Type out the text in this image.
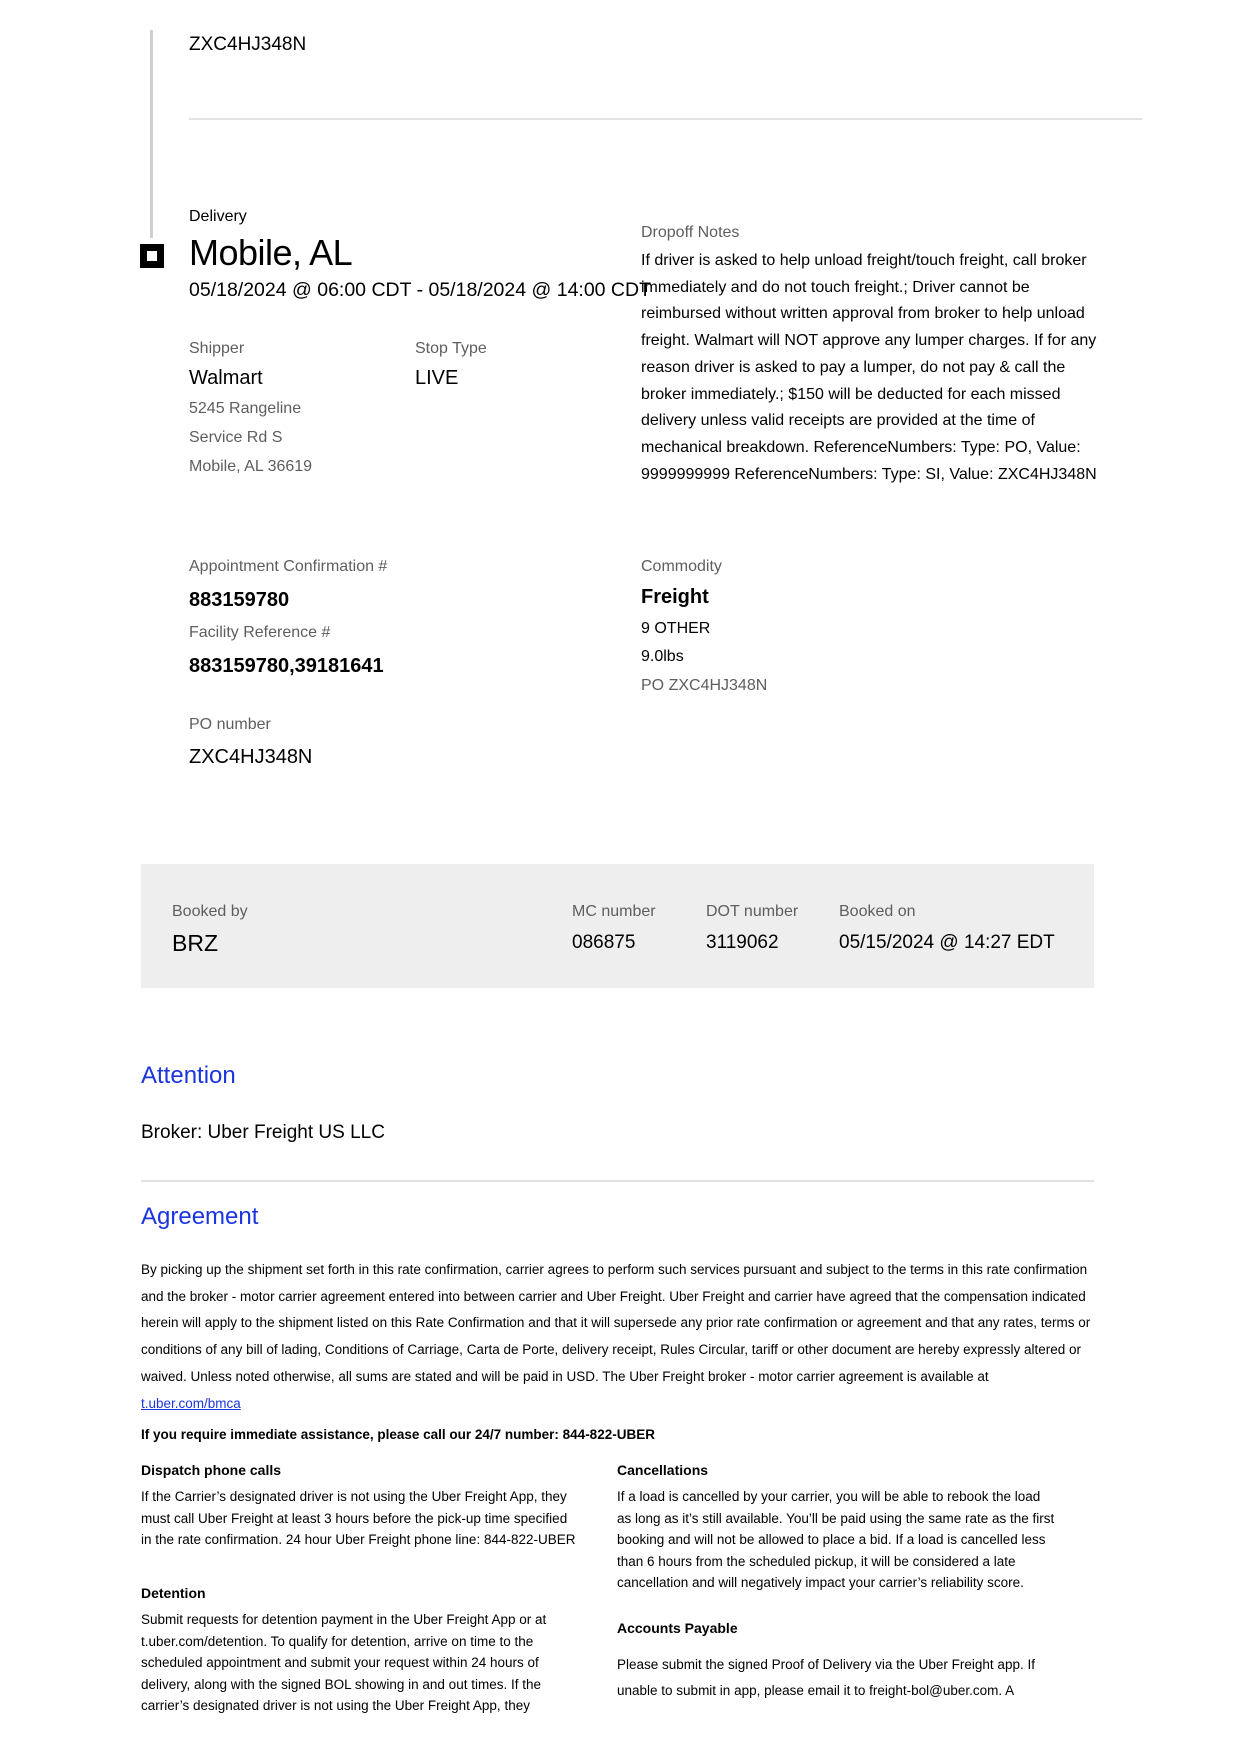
ZXC4HJ348N
Delivery
Mobile, AL
05/18/2024 @ 06:00 CDT - 05/18/2024 @ 14:00 CDT
Shipper
Walmart
5245 Rangeline
Service Rd S
Mobile, AL 36619
Stop Type
LIVE
Dropoff Notes
If driver is asked to help unload freight/touch freight, call broker immediately and do not touch freight.; Driver cannot be reimbursed without written approval from broker to help unload freight. Walmart will NOT approve any lumper charges. If for any reason driver is asked to pay a lumper, do not pay & call the broker immediately.; $150 will be deducted for each missed delivery unless valid receipts are provided at the time of mechanical breakdown. ReferenceNumbers: Type: PO, Value: 9999999999 ReferenceNumbers: Type: SI, Value: ZXC4HJ348N
Appointment Confirmation #
883159780
Facility Reference #
883159780,39181641
PO number
ZXC4HJ348N
Commodity
Freight
9 OTHER
9.0lbs
PO ZXC4HJ348N
Booked by
BRZ
MC number
086875
DOT number
3119062
Booked on
05/15/2024 @ 14:27 EDT
Attention
Broker: Uber Freight US LLC
Agreement
By picking up the shipment set forth in this rate confirmation, carrier agrees to perform such services pursuant and subject to the terms in this rate confirmation and the broker - motor carrier agreement entered into between carrier and Uber Freight. Uber Freight and carrier have agreed that the compensation indicated herein will apply to the shipment listed on this Rate Confirmation and that it will supersede any prior rate confirmation or agreement and that any rates, terms or conditions of any bill of lading, Conditions of Carriage, Carta de Porte, delivery receipt, Rules Circular, tariff or other document are hereby expressly altered or waived. Unless noted otherwise, all sums are stated and will be paid in USD. The Uber Freight broker - motor carrier agreement is available at t.uber.com/bmca
If you require immediate assistance, please call our 24/7 number: 844-822-UBER
Dispatch phone calls
If the Carrier’s designated driver is not using the Uber Freight App, they must call Uber Freight at least 3 hours before the pick-up time specified in the rate confirmation. 24 hour Uber Freight phone line: 844-822-UBER
Detention
Submit requests for detention payment in the Uber Freight App or at t.uber.com/detention. To qualify for detention, arrive on time to the scheduled appointment and submit your request within 24 hours of delivery, along with the signed BOL showing in and out times. If the carrier’s designated driver is not using the Uber Freight App, they
Cancellations
If a load is cancelled by your carrier, you will be able to rebook the load as long as it’s still available. You’ll be paid using the same rate as the first booking and will not be allowed to place a bid. If a load is cancelled less than 6 hours from the scheduled pickup, it will be considered a late cancellation and will negatively impact your carrier’s reliability score.
Accounts Payable
Please submit the signed Proof of Delivery via the Uber Freight app. If unable to submit in app, please email it to freight-bol@uber.com. A
